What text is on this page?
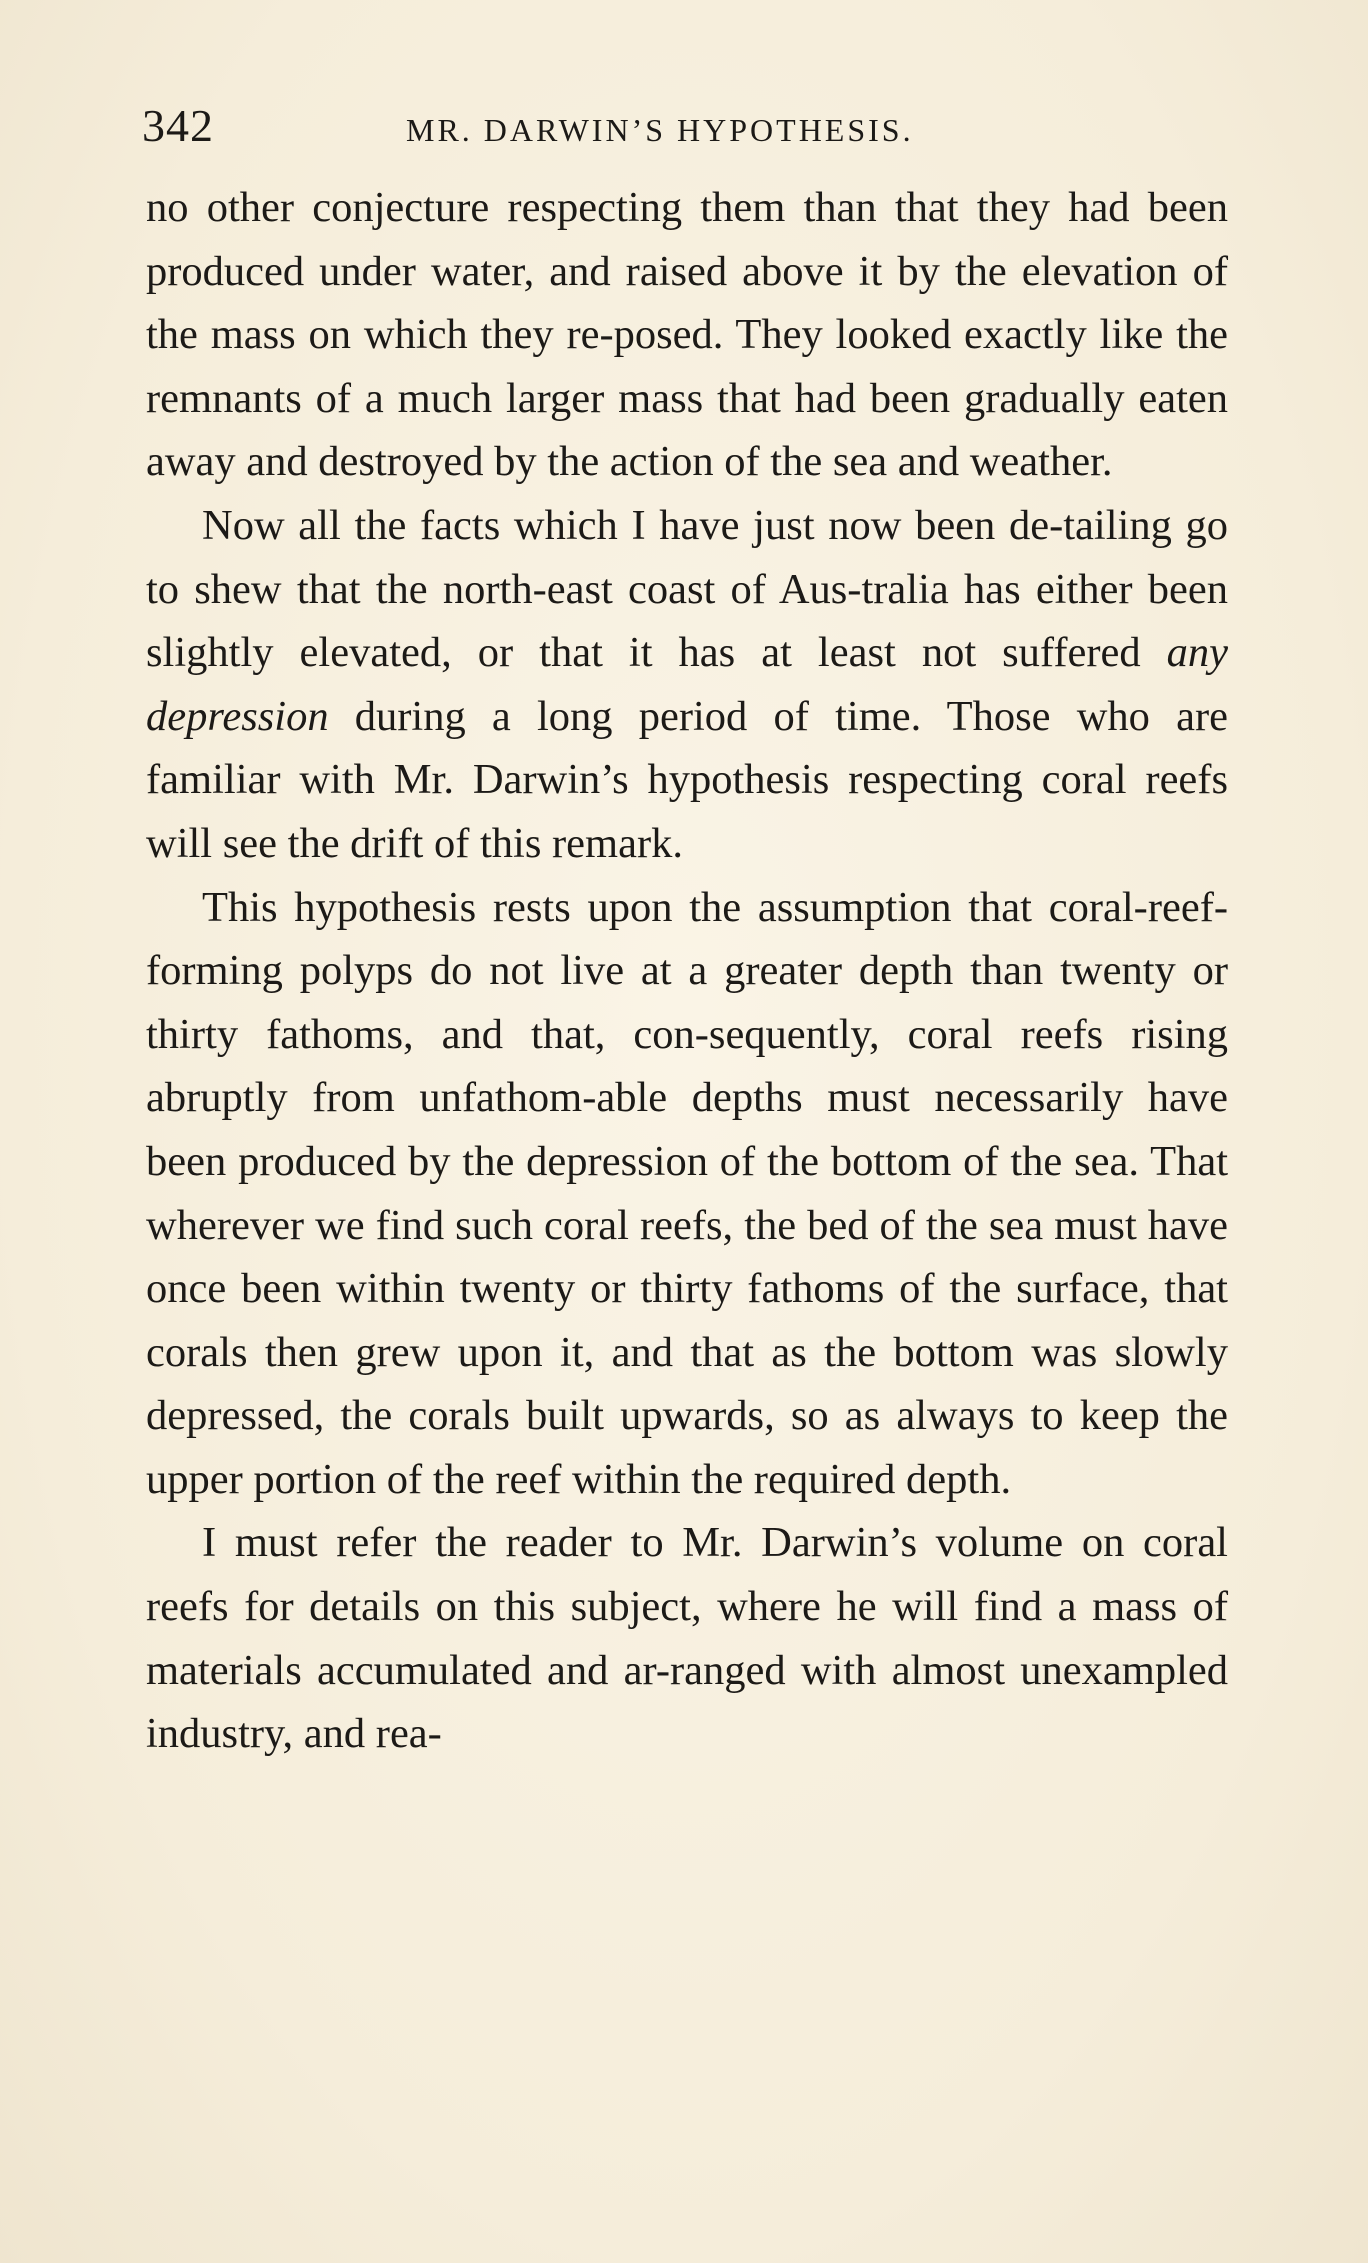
342	MR. DARWIN’S HYPOTHESIS.

no other conjecture respecting them than that they had been produced under water, and raised above it by the elevation of the mass on which they re-posed. They looked exactly like the remnants of a much larger mass that had been gradually eaten away and destroyed by the action of the sea and weather.

Now all the facts which I have just now been de-tailing go to shew that the north-east coast of Aus-tralia has either been slightly elevated, or that it has at least not suffered any depression during a long period of time. Those who are familiar with Mr. Darwin’s hypothesis respecting coral reefs will see the drift of this remark.

This hypothesis rests upon the assumption that coral-reef-forming polyps do not live at a greater depth than twenty or thirty fathoms, and that, con-sequently, coral reefs rising abruptly from unfathom-able depths must necessarily have been produced by the depression of the bottom of the sea. That wherever we find such coral reefs, the bed of the sea must have once been within twenty or thirty fathoms of the surface, that corals then grew upon it, and that as the bottom was slowly depressed, the corals built upwards, so as always to keep the upper portion of the reef within the required depth.

I must refer the reader to Mr. Darwin’s volume on coral reefs for details on this subject, where he will find a mass of materials accumulated and ar-ranged with almost unexampled industry, and rea-
